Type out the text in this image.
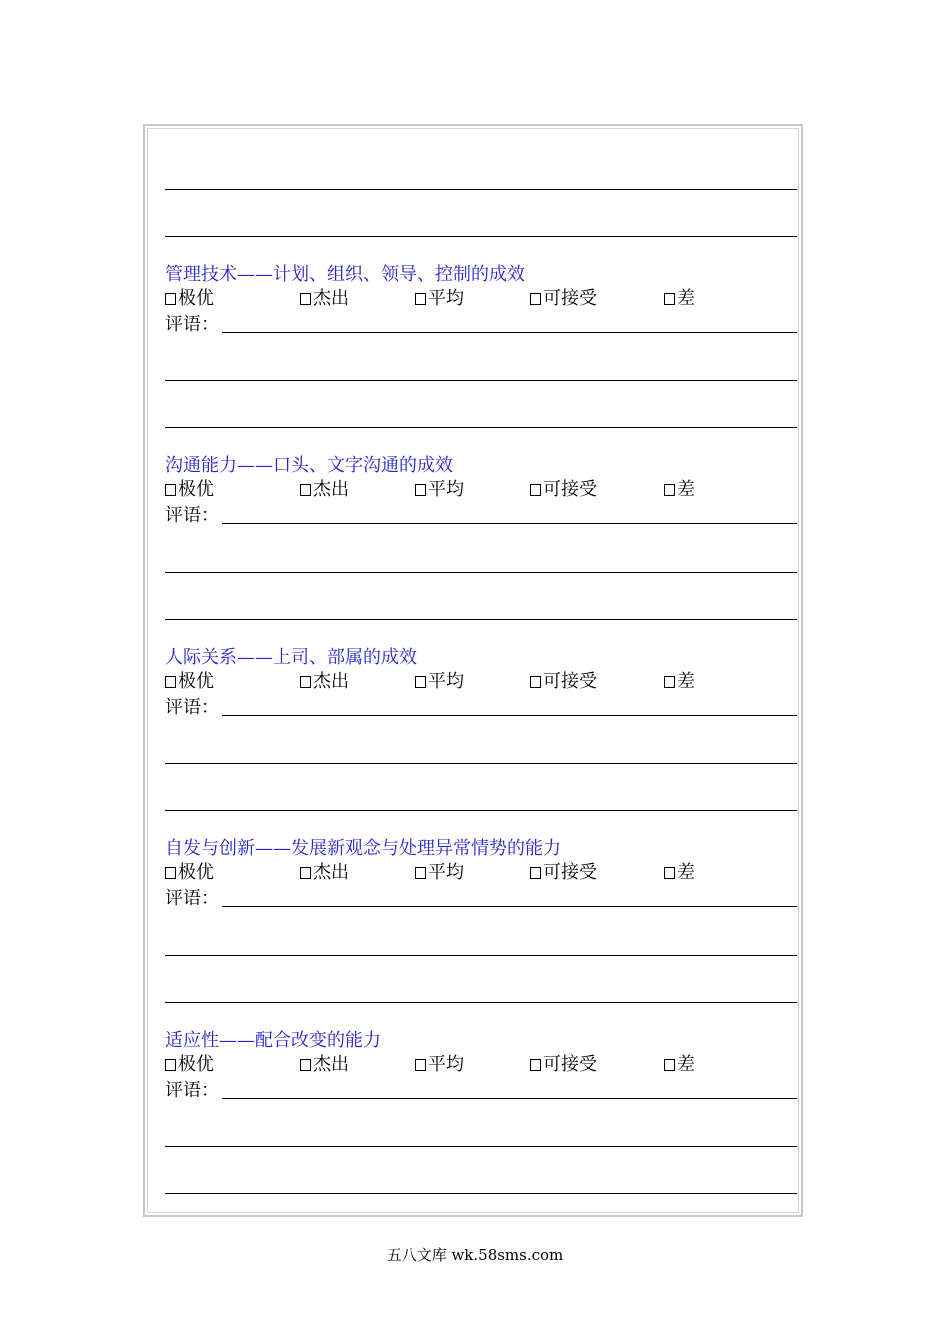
管理技术——计划、组织、领导、控制的成效
极优	杰出	平均	可接受	差
评语：
沟通能力——口头、文字沟通的成效
极优	杰出	平均	可接受	差
评语：
人际关系——上司、部属的成效
极优	杰出	平均	可接受	差
评语：
自发与创新——发展新观念与处理异常情势的能力
极优	杰出	平均	可接受	差
评语：
适应性——配合改变的能力
极优	杰出	平均	可接受	差
评语：
五八文库 wk.58sms.com
